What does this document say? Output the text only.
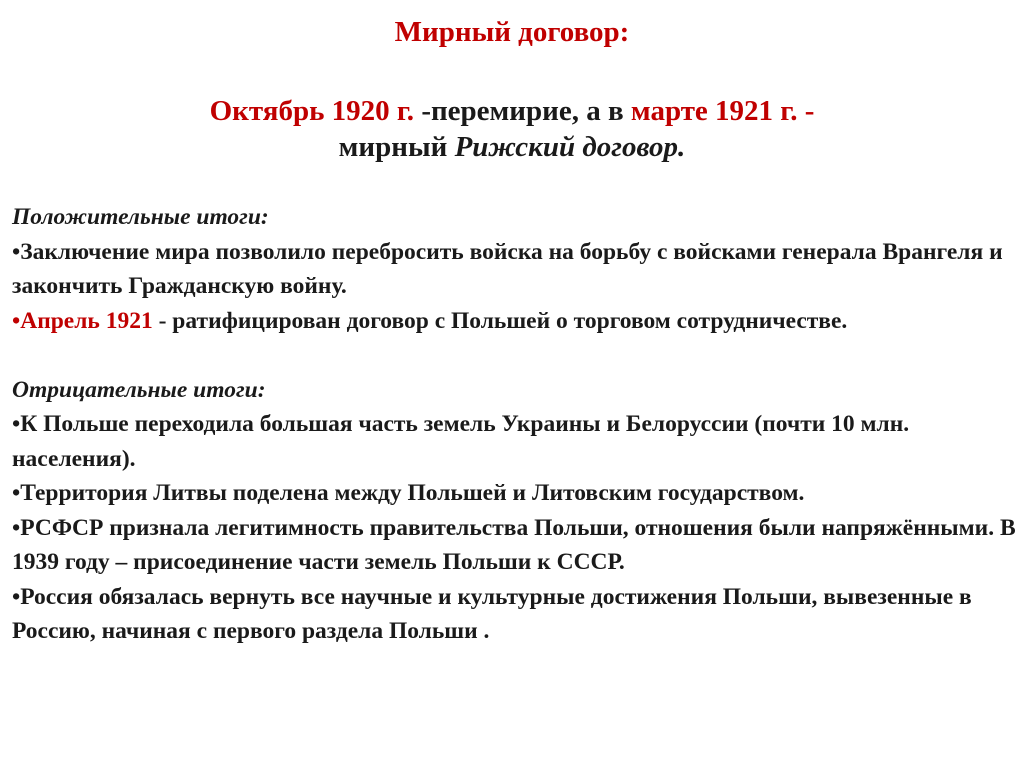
Мирный договор:
Октябрь 1920 г. -перемирие, а в марте 1921 г. -
мирный Рижский договор.

Положительные итоги:

•Заключение мира позволило перебросить войска на борьбу с войсками генерала Врангеля и закончить Гражданскую войну.

•Апрель 1921 - ратифицирован договор с Польшей о торговом сотрудничестве.

Отрицательные итоги:

•К Польше переходила большая часть земель Украины и Белоруссии (почти 10 млн. населения).

•Территория Литвы поделена между Польшей и Литовским государством.

•РСФСР признала легитимность правительства Польши, отношения были напряжёнными. В 1939 году – присоединение части земель Польши к СССР.

•Россия обязалась вернуть все научные и культурные достижения Польши, вывезенные в Россию, начиная с первого раздела Польши .
